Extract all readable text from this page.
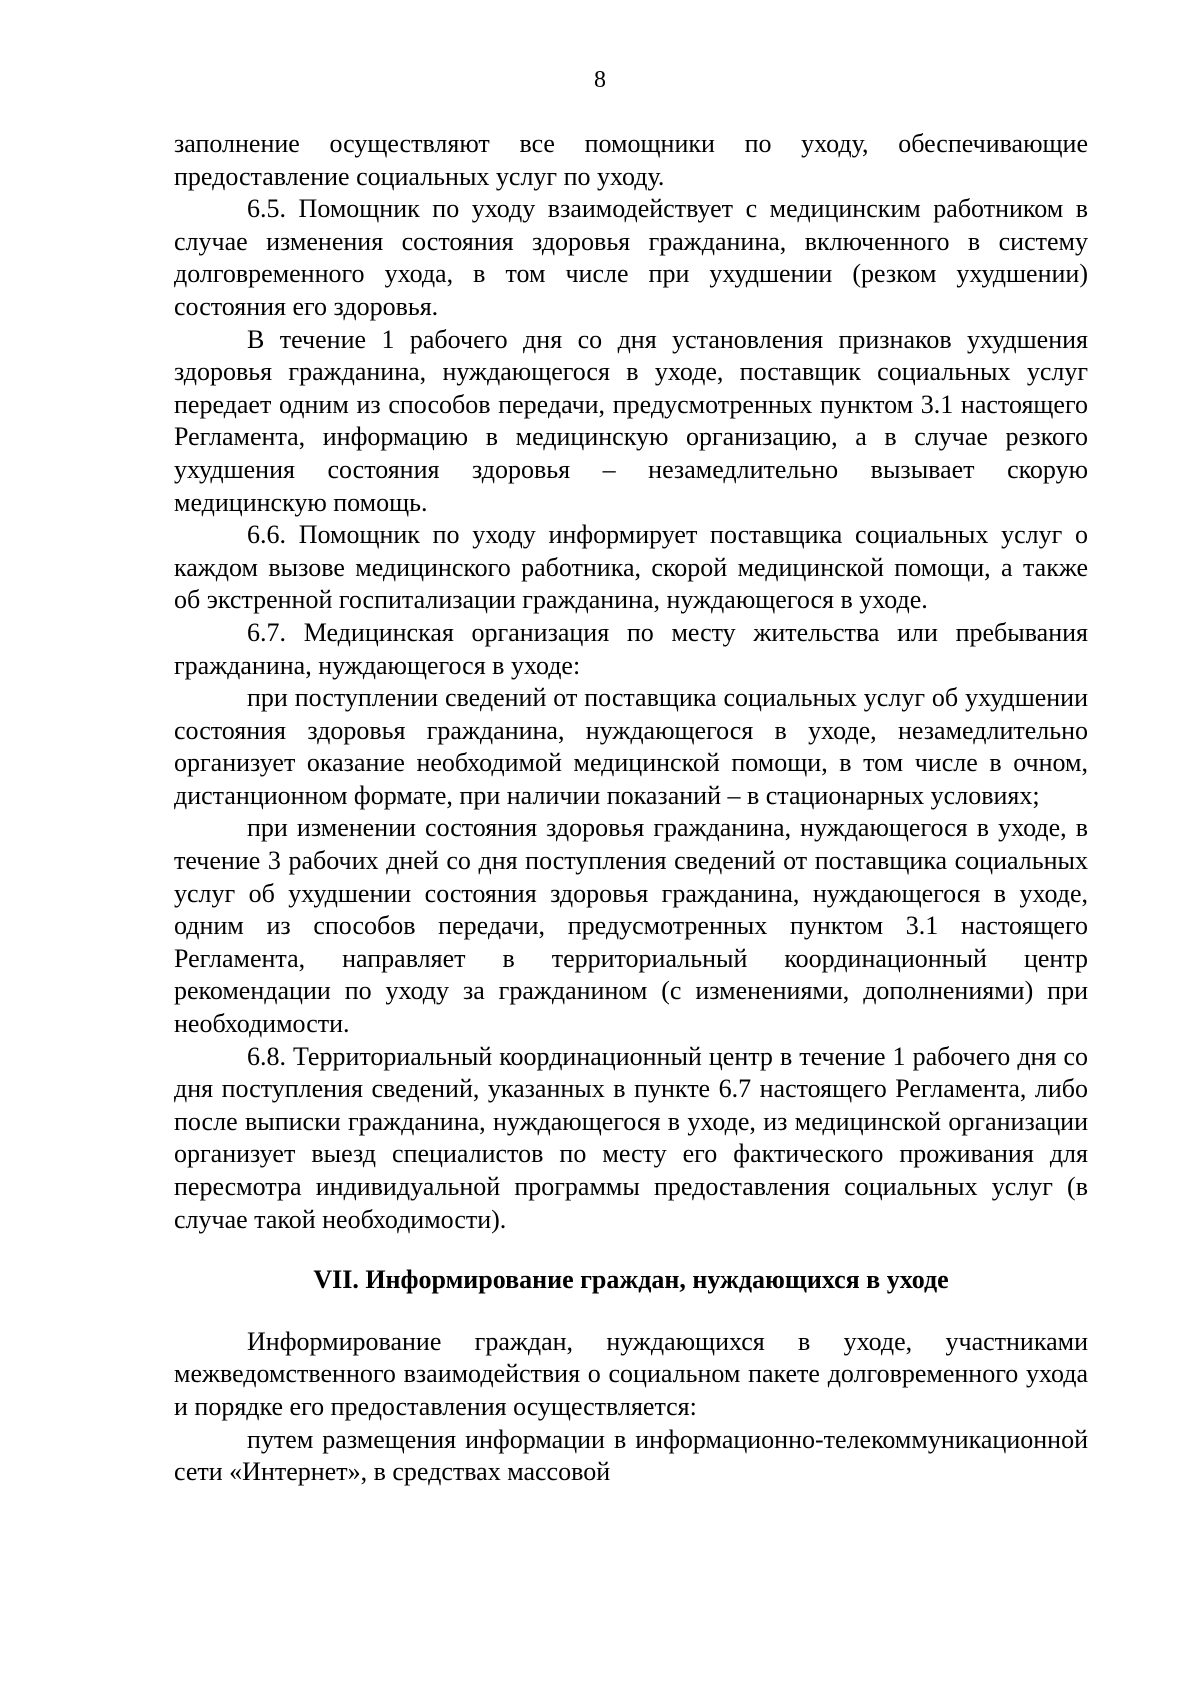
8

заполнение осуществляют все помощники по уходу, обеспечивающие предоставление социальных услуг по уходу.

6.5. Помощник по уходу взаимодействует с медицинским работником в случае изменения состояния здоровья гражданина, включенного в систему долговременного ухода, в том числе при ухудшении (резком ухудшении) состояния его здоровья.

В течение 1 рабочего дня со дня установления признаков ухудшения здоровья гражданина, нуждающегося в уходе, поставщик социальных услуг передает одним из способов передачи, предусмотренных пунктом 3.1 настоящего Регламента, информацию в медицинскую организацию, а в случае резкого ухудшения состояния здоровья – незамедлительно вызывает скорую медицинскую помощь.

6.6. Помощник по уходу информирует поставщика социальных услуг о каждом вызове медицинского работника, скорой медицинской помощи, а также об экстренной госпитализации гражданина, нуждающегося в уходе.

6.7. Медицинская организация по месту жительства или пребывания гражданина, нуждающегося в уходе:

при поступлении сведений от поставщика социальных услуг об ухудшении состояния здоровья гражданина, нуждающегося в уходе, незамедлительно организует оказание необходимой медицинской помощи, в том числе в очном, дистанционном формате, при наличии показаний – в стационарных условиях;

при изменении состояния здоровья гражданина, нуждающегося в уходе, в течение 3 рабочих дней со дня поступления сведений от поставщика социальных услуг об ухудшении состояния здоровья гражданина, нуждающегося в уходе, одним из способов передачи, предусмотренных пунктом 3.1 настоящего Регламента, направляет в территориальный координационный центр рекомендации по уходу за гражданином (с изменениями, дополнениями) при необходимости.

6.8. Территориальный координационный центр в течение 1 рабочего дня со дня поступления сведений, указанных в пункте 6.7 настоящего Регламента, либо после выписки гражданина, нуждающегося в уходе, из медицинской организации организует выезд специалистов по месту его фактического проживания для пересмотра индивидуальной программы предоставления социальных услуг (в случае такой необходимости).

VII. Информирование граждан, нуждающихся в уходе

Информирование граждан, нуждающихся в уходе, участниками межведомственного взаимодействия о социальном пакете долговременного ухода и порядке его предоставления осуществляется:

путем размещения информации в информационно-телекоммуникационной сети «Интернет», в средствах массовой
